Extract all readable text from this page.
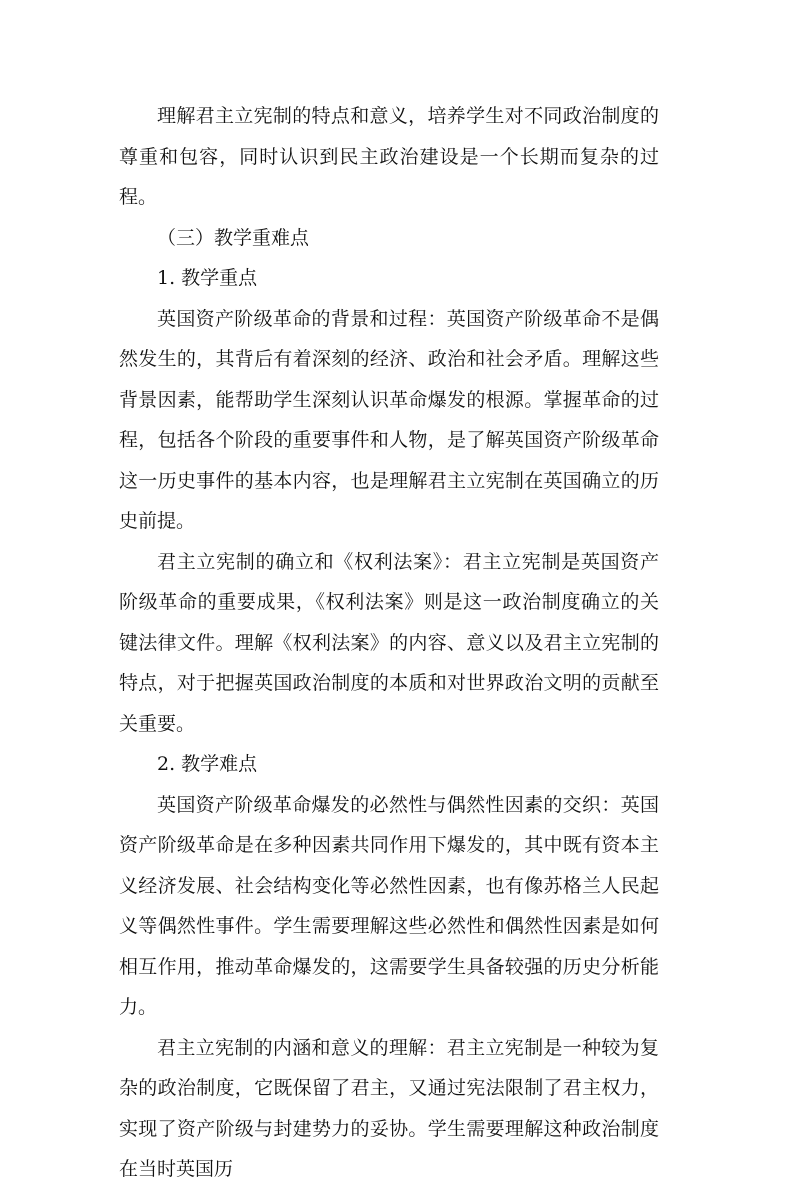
理解君主立宪制的特点和意义，培养学生对不同政治制度的尊重和包容，同时认识到民主政治建设是一个长期而复杂的过程。

（三）教学重难点

1. 教学重点

英国资产阶级革命的背景和过程：英国资产阶级革命不是偶然发生的，其背后有着深刻的经济、政治和社会矛盾。理解这些背景因素，能帮助学生深刻认识革命爆发的根源。掌握革命的过程，包括各个阶段的重要事件和人物，是了解英国资产阶级革命这一历史事件的基本内容，也是理解君主立宪制在英国确立的历史前提。

君主立宪制的确立和《权利法案》：君主立宪制是英国资产阶级革命的重要成果，《权利法案》则是这一政治制度确立的关键法律文件。理解《权利法案》的内容、意义以及君主立宪制的特点，对于把握英国政治制度的本质和对世界政治文明的贡献至关重要。

2. 教学难点

英国资产阶级革命爆发的必然性与偶然性因素的交织：英国资产阶级革命是在多种因素共同作用下爆发的，其中既有资本主义经济发展、社会结构变化等必然性因素，也有像苏格兰人民起义等偶然性事件。学生需要理解这些必然性和偶然性因素是如何相互作用，推动革命爆发的，这需要学生具备较强的历史分析能力。

君主立宪制的内涵和意义的理解：君主立宪制是一种较为复杂的政治制度，它既保留了君主，又通过宪法限制了君主权力，实现了资产阶级与封建势力的妥协。学生需要理解这种政治制度在当时英国历
